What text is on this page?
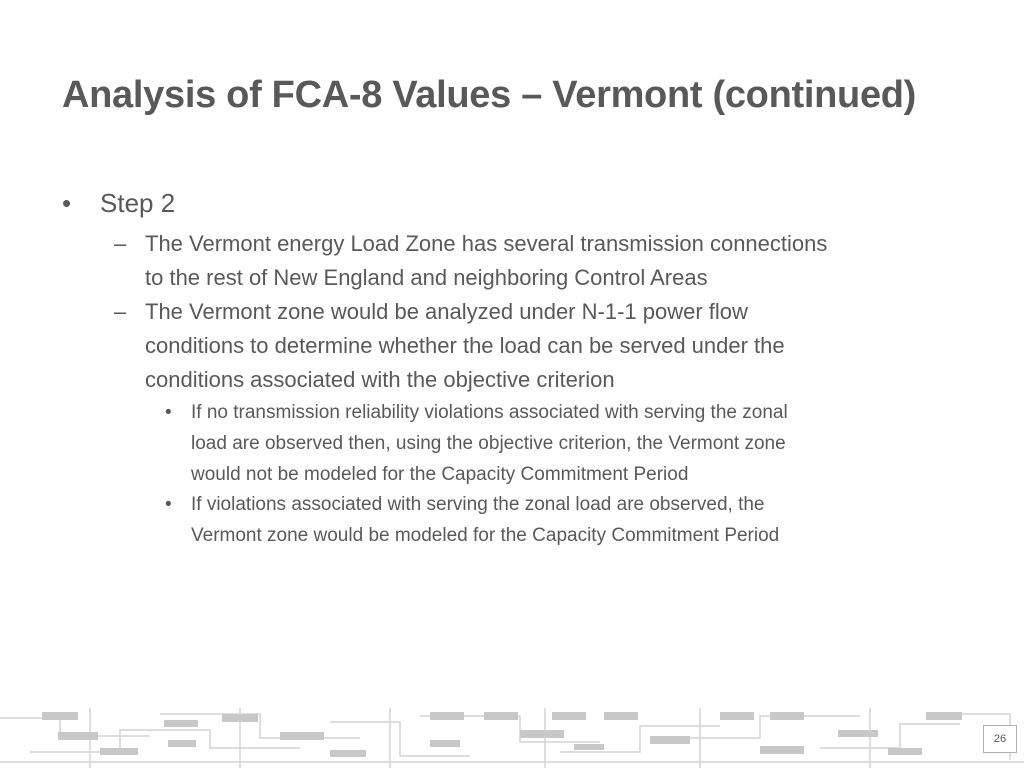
Analysis of FCA-8 Values – Vermont (continued)
• Step 2
– The Vermont energy Load Zone has several transmission connections
to the rest of New England and neighboring Control Areas
– The Vermont zone would be analyzed under N-1-1 power flow
conditions to determine whether the load can be served under the
conditions associated with the objective criterion
• If no transmission reliability violations associated with serving the zonal
load are observed then, using the objective criterion, the Vermont zone
would not be modeled for the Capacity Commitment Period
• If violations associated with serving the zonal load are observed, the
Vermont zone would be modeled for the Capacity Commitment Period
26
